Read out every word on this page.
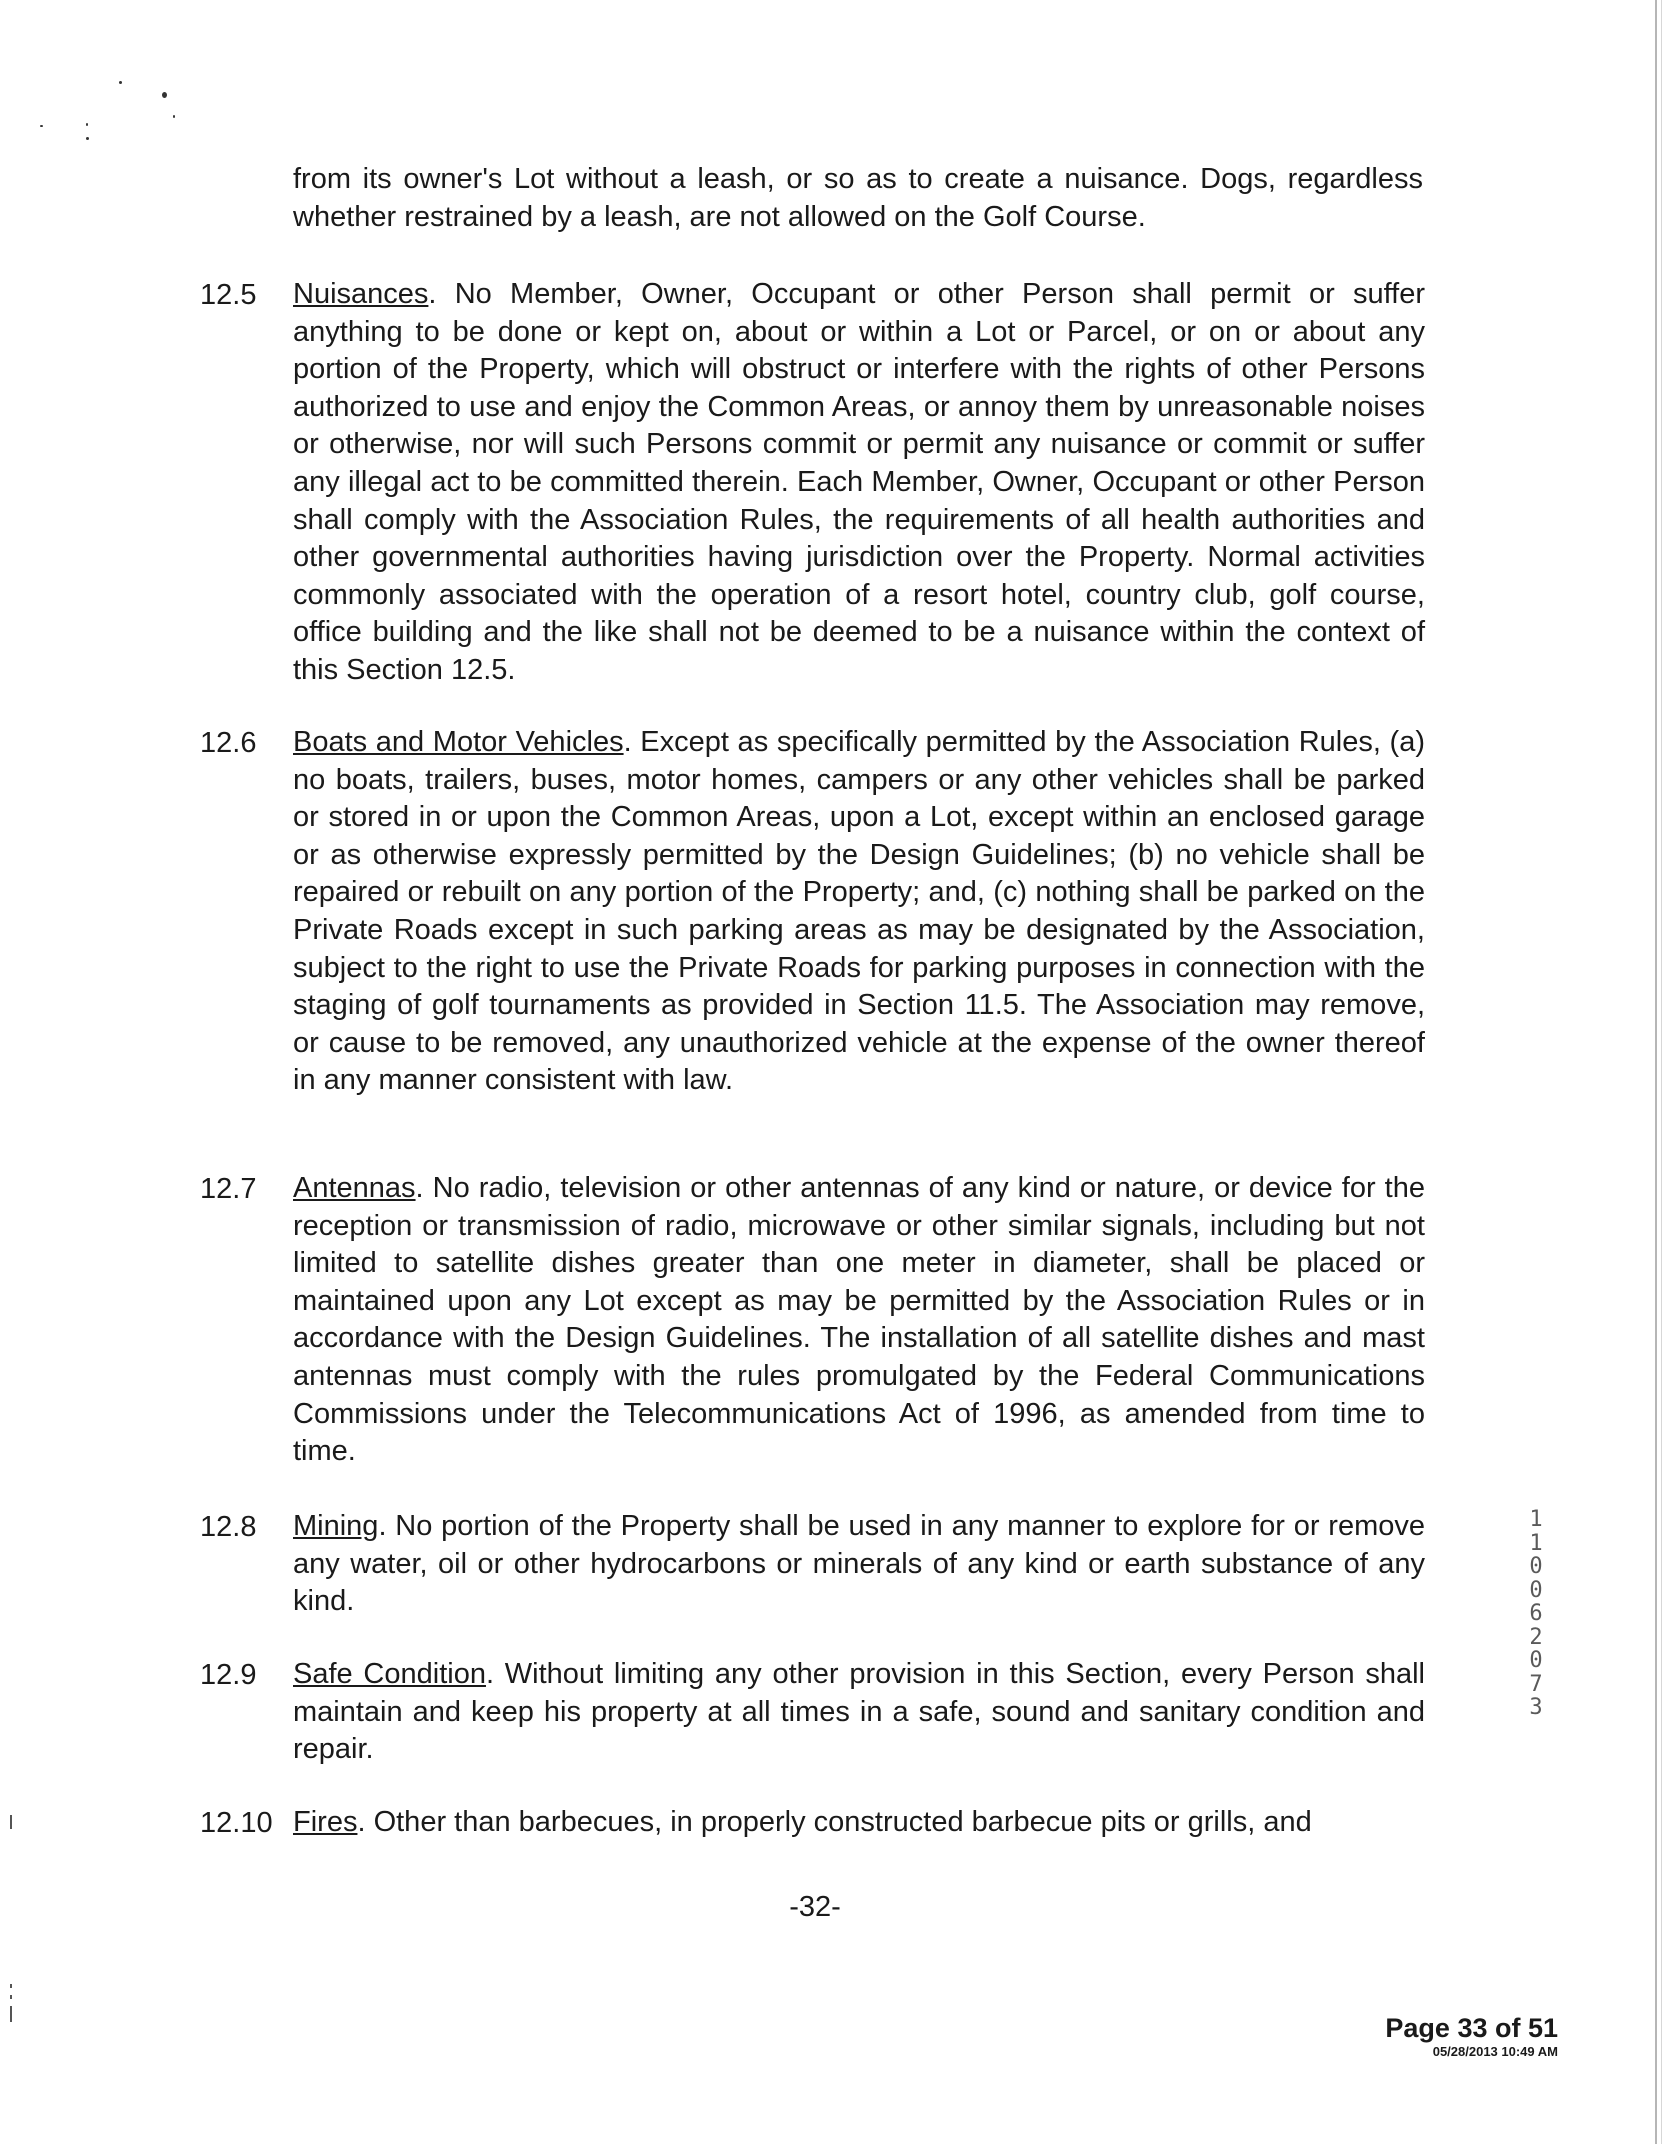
from its owner's Lot without a leash, or so as to create a nuisance. Dogs, regardless whether restrained by a leash, are not allowed on the Golf Course.
12.5	Nuisances. No Member, Owner, Occupant or other Person shall permit or suffer anything to be done or kept on, about or within a Lot or Parcel, or on or about any portion of the Property, which will obstruct or interfere with the rights of other Persons authorized to use and enjoy the Common Areas, or annoy them by unreasonable noises or otherwise, nor will such Persons commit or permit any nuisance or commit or suffer any illegal act to be committed therein. Each Member, Owner, Occupant or other Person shall comply with the Association Rules, the requirements of all health authorities and other governmental authorities having jurisdiction over the Property. Normal activities commonly associated with the operation of a resort hotel, country club, golf course, office building and the like shall not be deemed to be a nuisance within the context of this Section 12.5.
12.6	Boats and Motor Vehicles. Except as specifically permitted by the Association Rules, (a) no boats, trailers, buses, motor homes, campers or any other vehicles shall be parked or stored in or upon the Common Areas, upon a Lot, except within an enclosed garage or as otherwise expressly permitted by the Design Guidelines; (b) no vehicle shall be repaired or rebuilt on any portion of the Property; and, (c) nothing shall be parked on the Private Roads except in such parking areas as may be designated by the Association, subject to the right to use the Private Roads for parking purposes in connection with the staging of golf tournaments as provided in Section 11.5. The Association may remove, or cause to be removed, any unauthorized vehicle at the expense of the owner thereof in any manner consistent with law.
12.7	Antennas. No radio, television or other antennas of any kind or nature, or device for the reception or transmission of radio, microwave or other similar signals, including but not limited to satellite dishes greater than one meter in diameter, shall be placed or maintained upon any Lot except as may be permitted by the Association Rules or in accordance with the Design Guidelines. The installation of all satellite dishes and mast antennas must comply with the rules promulgated by the Federal Communications Commissions under the Telecommunications Act of 1996, as amended from time to time.
12.8	Mining. No portion of the Property shall be used in any manner to explore for or remove any water, oil or other hydrocarbons or minerals of any kind or earth substance of any kind.
12.9	Safe Condition. Without limiting any other provision in this Section, every Person shall maintain and keep his property at all times in a safe, sound and sanitary condition and repair.
12.10 Fires. Other than barbecues, in properly constructed barbecue pits or grills, and
-32-
11006 2073
Page 33 of 51
05/28/2013 10:49 AM
